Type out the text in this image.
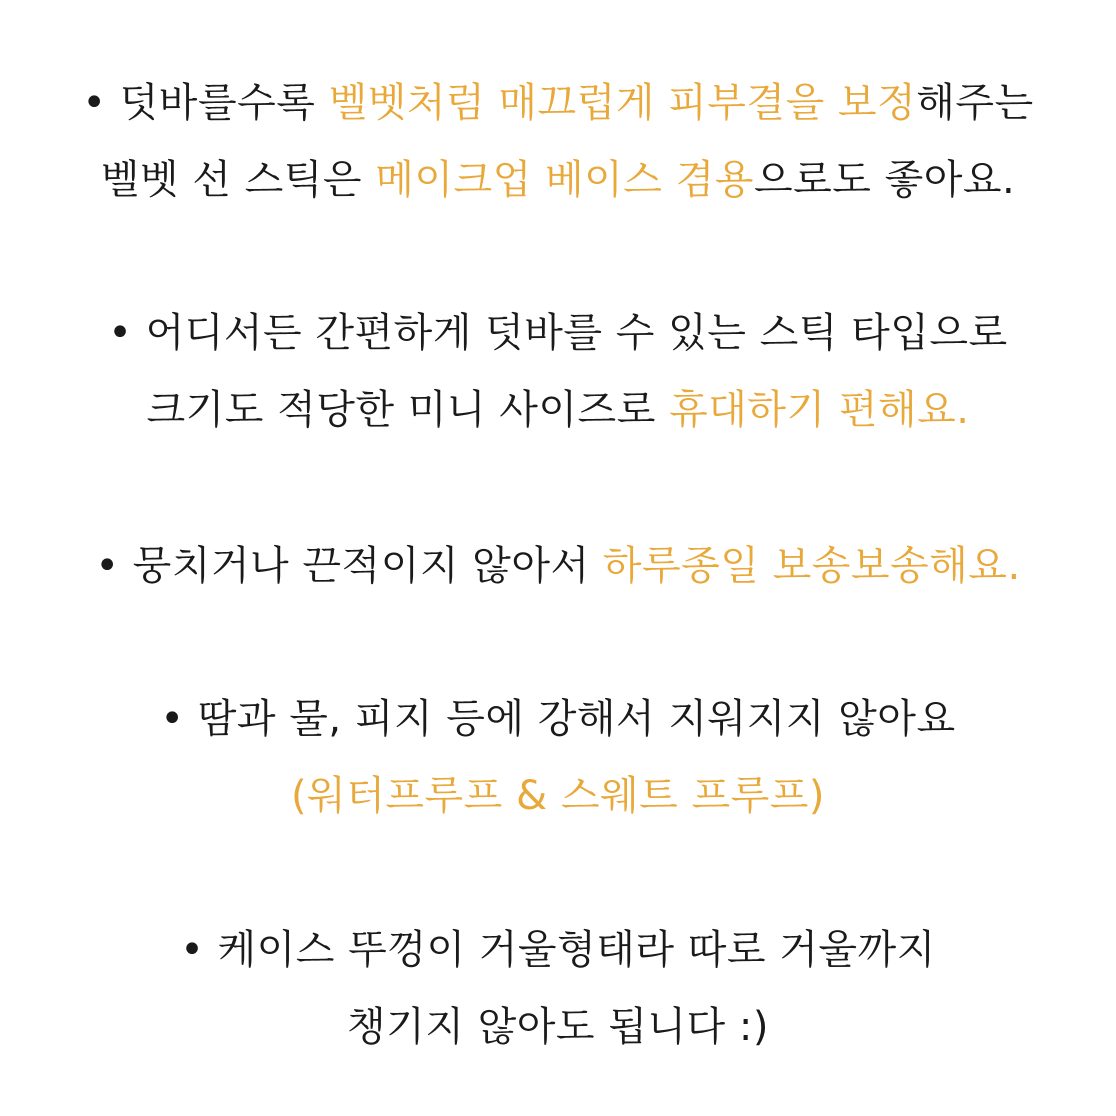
• 덧바를수록 벨벳처럼 매끄럽게 피부결을 보정해주는
벨벳 선 스틱은 메이크업 베이스 겸용으로도 좋아요.
• 어디서든 간편하게 덧바를 수 있는 스틱 타입으로
크기도 적당한 미니 사이즈로 휴대하기 편해요.
• 뭉치거나 끈적이지 않아서 하루종일 보송보송해요.
• 땀과 물, 피지 등에 강해서 지워지지 않아요
(워터프루프 & 스웨트 프루프)
• 케이스 뚜껑이 거울형태라 따로 거울까지
챙기지 않아도 됩니다 :)
